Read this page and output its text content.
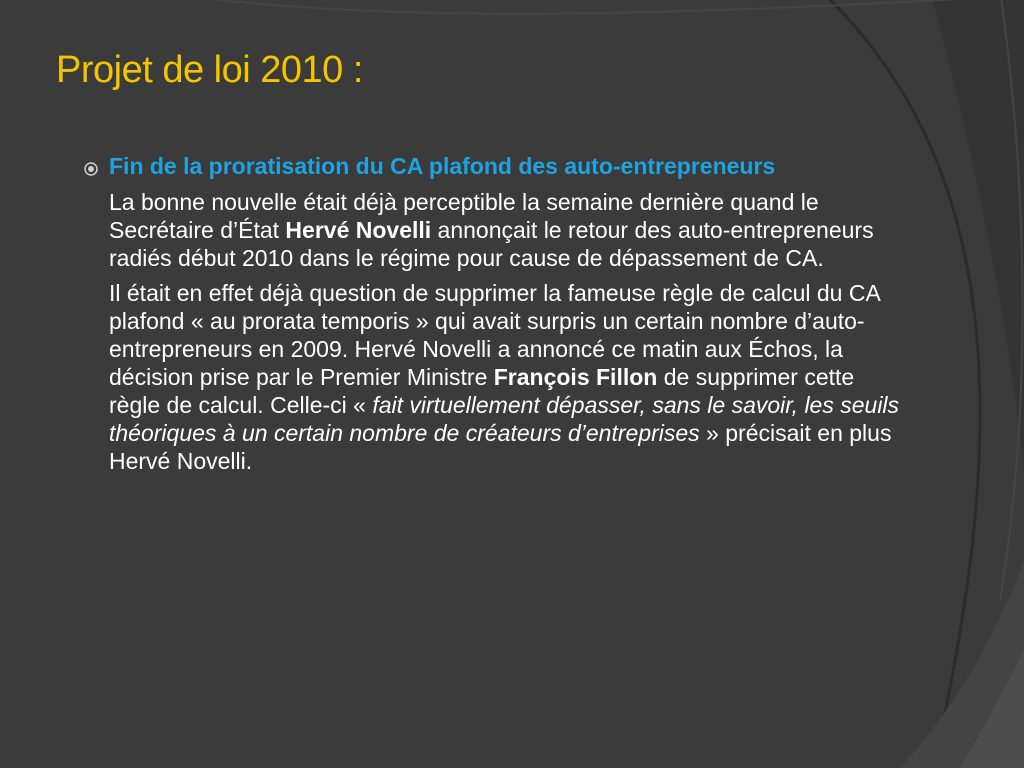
Projet de loi 2010 :

Fin de la proratisation du CA plafond des auto-entrepreneurs

La bonne nouvelle était déjà perceptible la semaine dernière quand le Secrétaire d’État Hervé Novelli annonçait le retour des auto-entrepreneurs radiés début 2010 dans le régime pour cause de dépassement de CA.

Il était en effet déjà question de supprimer la fameuse règle de calcul du CA plafond « au prorata temporis » qui avait surpris un certain nombre d’auto-entrepreneurs en 2009. Hervé Novelli a annoncé ce matin aux Échos, la décision prise par le Premier Ministre François Fillon de supprimer cette règle de calcul. Celle-ci « fait virtuellement dépasser, sans le savoir, les seuils théoriques à un certain nombre de créateurs d’entreprises » précisait en plus Hervé Novelli.
